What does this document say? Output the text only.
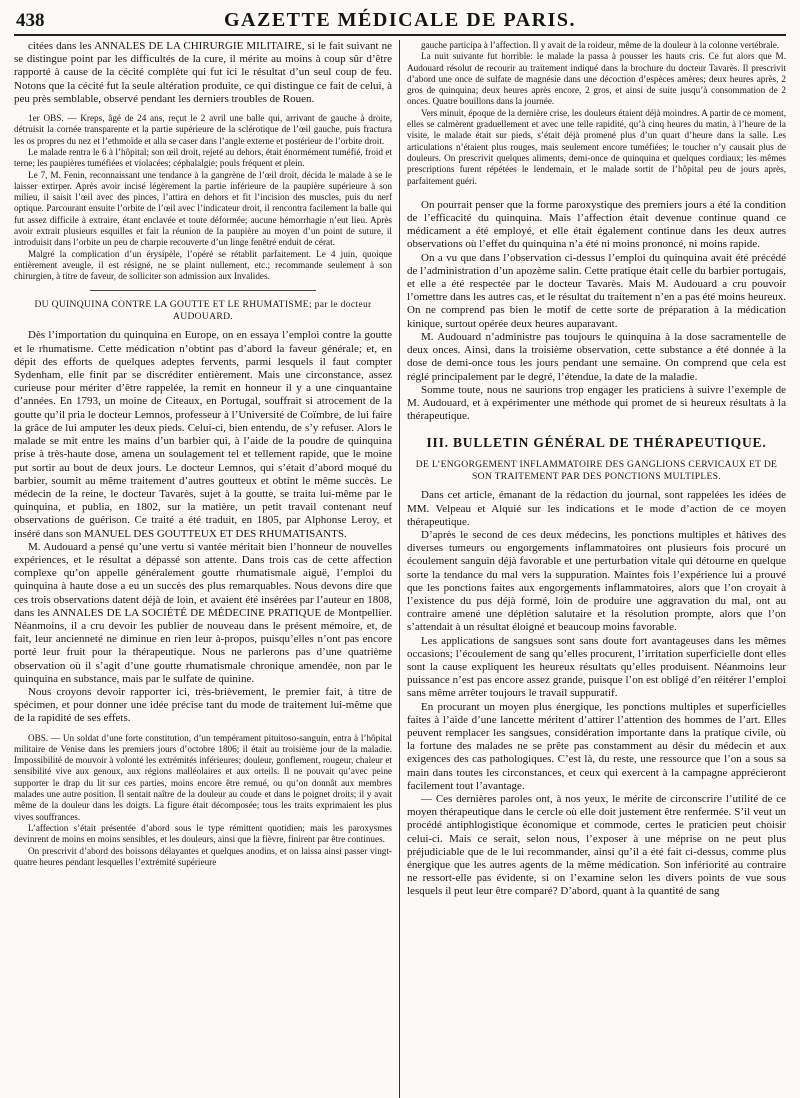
438	GAZETTE MÉDICALE DE PARIS.

citées dans les ANNALES DE LA CHIRURGIE MILITAIRE, si le fait suivant ne se distingue point par les difficultés de la cure, il mérite au moins à coup sûr d’être rapporté à cause de la cécité complète qui fut ici le résultat d’un seul coup de feu. Notons que la cécité fut la seule altération produite, ce qui distingue ce fait de celui, à peu près semblable, observé pendant les derniers troubles de Rouen.

1er OBS. — Kreps, âgé de 24 ans, reçut le 2 avril une balle qui, arrivant de gauche à droite, détruisit la cornée transparente et la partie supérieure de la sclérotique de l’œil gauche, puis fractura les os propres du nez et l’ethmoïde et alla se caser dans l’angle externe et postérieur de l’orbite droit.

Le malade rentra le 6 à l’hôpital; son œil droit, rejeté au dehors, était énormément tuméfié, froid et terne; les paupières tuméfiées et violacées; céphalalgie; pouls fréquent et plein.

Le 7, M. Fenin, reconnaissant une tendance à la gangrène de l’œil droit, décida le malade à se le laisser extirper. Après avoir incisé légèrement la partie inférieure de la paupière supérieure à son milieu, il saisit l’œil avec des pinces, l’attira en dehors et fit l’incision des muscles, puis du nerf optique. Parcourant ensuite l’orbite de l’œil avec l’indicateur droit, il rencontra facilement la balle qui fut assez difficile à extraire, étant enclavée et toute déformée; aucune hémorrhagie n’eut lieu. Après avoir extrait plusieurs esquilles et fait la réunion de la paupière au moyen d’un point de suture, il introduisit dans l’orbite un peu de charpie recouverte d’un linge fenêtré enduit de cérat.

Malgré la complication d’un érysipèle, l’opéré se rétablit parfaitement. Le 4 juin, quoique entièrement aveugle, il est résigné, ne se plaint nullement, etc.; recommande seulement à son chirurgien, à titre de faveur, de solliciter son admission aux Invalides.

DU QUINQUINA CONTRE LA GOUTTE ET LE RHUMATISME; par le docteur
AUDOUARD.

Dès l’importation du quinquina en Europe, on en essaya l’emploi contre la goutte et le rhumatisme. Cette médication n’obtint pas d’abord la faveur générale; et, en dépit des efforts de quelques adeptes fervents, parmi lesquels il faut compter Sydenham, elle finit par se discréditer entièrement. Mais une circonstance, assez curieuse pour mériter d’être rappelée, la remit en honneur il y a une cinquantaine d’années. En 1793, un moine de Citeaux, en Portugal, souffrait si atrocement de la goutte qu’il pria le docteur Lemnos, professeur à l’Université de Coïmbre, de lui faire la grâce de lui amputer les deux pieds. Celui-ci, bien entendu, de s’y refuser. Alors le malade se mit entre les mains d’un barbier qui, à l’aide de la poudre de quinquina prise à très-haute dose, amena un soulagement tel et tellement rapide, que le moine put sortir au bout de deux jours. Le docteur Lemnos, qui s’était d’abord moqué du barbier, soumit au même traitement d’autres goutteux et obtint le même succès. Le médecin de la reine, le docteur Tavarès, sujet à la goutte, se traita lui-même par le quinquina, et publia, en 1802, sur la matière, un petit travail contenant neuf observations de guérison. Ce traité a été traduit, en 1805, par Alphonse Leroy, et inséré dans son MANUEL DES GOUTTEUX ET DES RHUMATISANTS.

M. Audouard a pensé qu’une vertu si vantée méritait bien l’honneur de nouvelles expériences, et le résultat a dépassé son attente. Dans trois cas de cette affection complexe qu’on appelle généralement goutte rhumatismale aiguë, l’emploi du quinquina à haute dose a eu un succès des plus remarquables. Nous devons dire que ces trois observations datent déjà de loin, et avaient été insérées par l’auteur en 1808, dans les ANNALES DE LA SOCIÉTÉ DE MÉDECINE PRATIQUE de Montpellier. Néanmoins, il a cru devoir les publier de nouveau dans le présent mémoire, et, de fait, leur ancienneté ne diminue en rien leur à-propos, puisqu’elles n’ont pas encore porté leur fruit pour la thérapeutique. Nous ne parlerons pas d’une quatrième observation où il s’agit d’une goutte rhumatismale chronique amendée, non par le quinquina en substance, mais par le sulfate de quinine.

Nous croyons devoir rapporter ici, très-brièvement, le premier fait, à titre de spécimen, et pour donner une idée précise tant du mode de traitement lui-même que de la rapidité de ses effets.

OBS. — Un soldat d’une forte constitution, d’un tempérament pituitoso-sanguin, entra à l’hôpital militaire de Venise dans les premiers jours d’octobre 1806; il était au troisième jour de la maladie. Impossibilité de mouvoir à volonté les extrémités inférieures; douleur, gonflement, rougeur, chaleur et sensibilité vive aux genoux, aux régions malléolaires et aux orteils. Il ne pouvait qu’avec peine supporter le drap du lit sur ces parties, moins encore être remué, ou qu’on donnât aux membres malades une autre position. Il sentait naître de la douleur au coude et dans le poignet droits; il y avait même de la douleur dans les doigts. La figure était décomposée; tous les traits exprimaient les plus vives souffrances.

L’affection s’était présentée d’abord sous le type rémittent quotidien; mais les paroxysmes devinrent de moins en moins sensibles, et les douleurs, ainsi que la fièvre, finirent par être continues.

On prescrivit d’abord des boissons délayantes et quelques anodins, et on laissa ainsi passer vingt-quatre heures pendant lesquelles l’extrémité supérieure

gauche participa à l’affection. Il y avait de la roideur, même de la douleur à la colonne vertébrale.

La nuit suivante fut horrible: le malade la passa à pousser les hauts cris. Ce fut alors que M. Audouard résolut de recourir au traitement indiqué dans la brochure du docteur Tavarès. Il prescrivit d’abord une once de sulfate de magnésie dans une décoction d’espèces amères; deux heures après, 2 gros de quinquina; deux heures après encore, 2 gros, et ainsi de suite jusqu’à consommation de 2 onces. Quatre bouillons dans la journée.

Vers minuit, époque de la dernière crise, les douleurs étaient déjà moindres. A partir de ce moment, elles se calmèrent graduellement et avec une telle rapidité, qu’à cinq heures du matin, à l’heure de la visite, le malade était sur pieds, s’était déjà promené plus d’un quart d’heure dans la salle. Les articulations n’étaient plus rouges, mais seulement encore tuméfiées; le toucher n’y causait plus de douleurs. On prescrivit quelques aliments, demi-once de quinquina et quelques cordiaux; les mêmes prescriptions furent répétées le lendemain, et le malade sortit de l’hôpital peu de jours après, parfaitement guéri.

On pourrait penser que la forme paroxystique des premiers jours a été la condition de l’efficacité du quinquina. Mais l’affection était devenue continue quand ce médicament a été employé, et elle était également continue dans les deux autres observations où l’effet du quinquina n’a été ni moins prononcé, ni moins rapide.

On a vu que dans l’observation ci-dessus l’emploi du quinquina avait été précédé de l’administration d’un apozème salin. Cette pratique était celle du barbier portugais, et elle a été respectée par le docteur Tavarès. Mais M. Audouard a cru pouvoir l’omettre dans les autres cas, et le résultat du traitement n’en a pas été moins heureux. On ne comprend pas bien le motif de cette sorte de préparation à la médication kinique, surtout opérée deux heures auparavant.

M. Audouard n’administre pas toujours le quinquina à la dose sacramentelle de deux onces. Ainsi, dans la troisième observation, cette substance a été donnée à la dose de demi-once tous les jours pendant une semaine. On comprend que cela est réglé principalement par le degré, l’étendue, la date de la maladie.

Somme toute, nous ne saurions trop engager les praticiens à suivre l’exemple de M. Audouard, et à expérimenter une méthode qui promet de si heureux résultats à la thérapeutique.

III. BULLETIN GÉNÉRAL DE THÉRAPEUTIQUE.

DE L’ENGORGEMENT INFLAMMATOIRE DES GANGLIONS CERVICAUX ET DE SON TRAITEMENT PAR DES PONCTIONS MULTIPLES.

Dans cet article, émanant de la rédaction du journal, sont rappelées les idées de MM. Velpeau et Alquié sur les indications et le mode d’action de ce moyen thérapeutique.

D’après le second de ces deux médecins, les ponctions multiples et hâtives des diverses tumeurs ou engorgements inflammatoires ont plusieurs fois procuré un écoulement sanguin déjà favorable et une perturbation vitale qui détourne en quelque sorte la tendance du mal vers la suppuration. Maintes fois l’expérience lui a prouvé que les ponctions faites aux engorgements inflammatoires, alors que l’on croyait à l’existence du pus déjà formé, loin de produire une aggravation du mal, ont au contraire amené une déplétion salutaire et la résolution prompte, alors que l’on s’attendait à un résultat éloigné et beaucoup moins favorable.

Les applications de sangsues sont sans doute fort avantageuses dans les mêmes occasions; l’écoulement de sang qu’elles procurent, l’irritation superficielle dont elles sont la cause expliquent les heureux résultats qu’elles produisent. Néanmoins leur puissance n’est pas encore assez grande, puisque l’on est obligé d’en réitérer l’emploi sans même arrêter toujours le travail suppuratif.

En procurant un moyen plus énergique, les ponctions multiples et superficielles faites à l’aide d’une lancette méritent d’attirer l’attention des hommes de l’art. Elles peuvent remplacer les sangsues, considération importante dans la pratique civile, où la fortune des malades ne se prête pas constamment au désir du médecin et aux exigences des cas pathologiques. C’est là, du reste, une ressource que l’on a sous sa main dans toutes les circonstances, et ceux qui exercent à la campagne apprécieront facilement tout l’avantage.

— Ces dernières paroles ont, à nos yeux, le mérite de circonscrire l’utilité de ce moyen thérapeutique dans le cercle où elle doit justement être renfermée. S’il veut un procédé antiphlogistique économique et commode, certes le praticien peut choisir celui-ci. Mais ce serait, selon nous, l’exposer à une méprise on ne peut plus préjudiciable que de le lui recommander, ainsi qu’il a été fait ci-dessus, comme plus énergique que les autres agents de la même médication. Son infériorité au contraire ne ressort-elle pas évidente, si on l’examine selon les divers points de vue sous lesquels il peut leur être comparé? D’abord, quant à la quantité de sang
